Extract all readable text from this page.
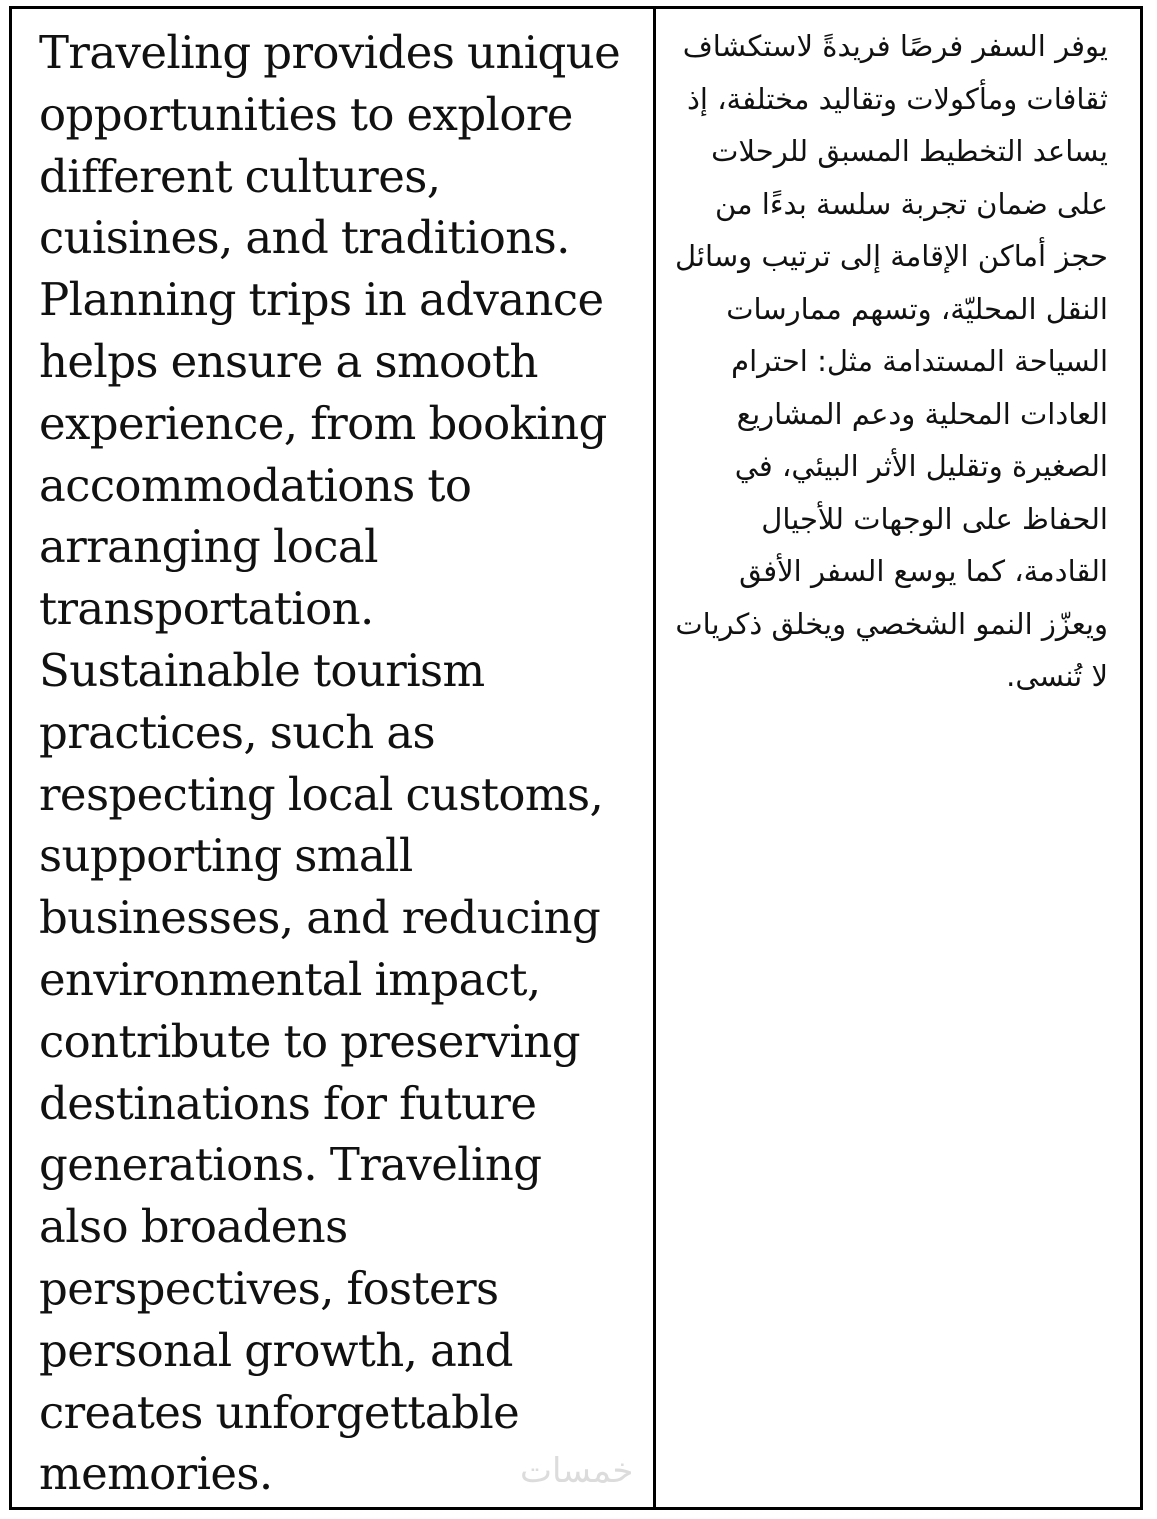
Traveling provides unique opportunities to explore different cultures, cuisines, and traditions. Planning trips in advance helps ensure a smooth experience, from booking accommodations to arranging local transportation. Sustainable tourism practices, such as respecting local customs, supporting small businesses, and reducing environmental impact, contribute to preserving destinations for future generations. Traveling also broadens perspectives, fosters personal growth, and creates unforgettable memories.	خمسات

يوفر السفر فرصًا فريدةً لاستكشاف ثقافات ومأكولات وتقاليد مختلفة، إذ يساعد التخطيط المسبق للرحلات على ضمان تجربة سلسة بدءًا من حجز أماكن الإقامة إلى ترتيب وسائل النقل المحليّة، وتسهم ممارسات السياحة المستدامة مثل: احترام العادات المحلية ودعم المشاريع الصغيرة وتقليل الأثر البيئي، في الحفاظ على الوجهات للأجيال القادمة، كما يوسع السفر الأفق ويعزّز النمو الشخصي ويخلق ذكريات لا تُنسى.
